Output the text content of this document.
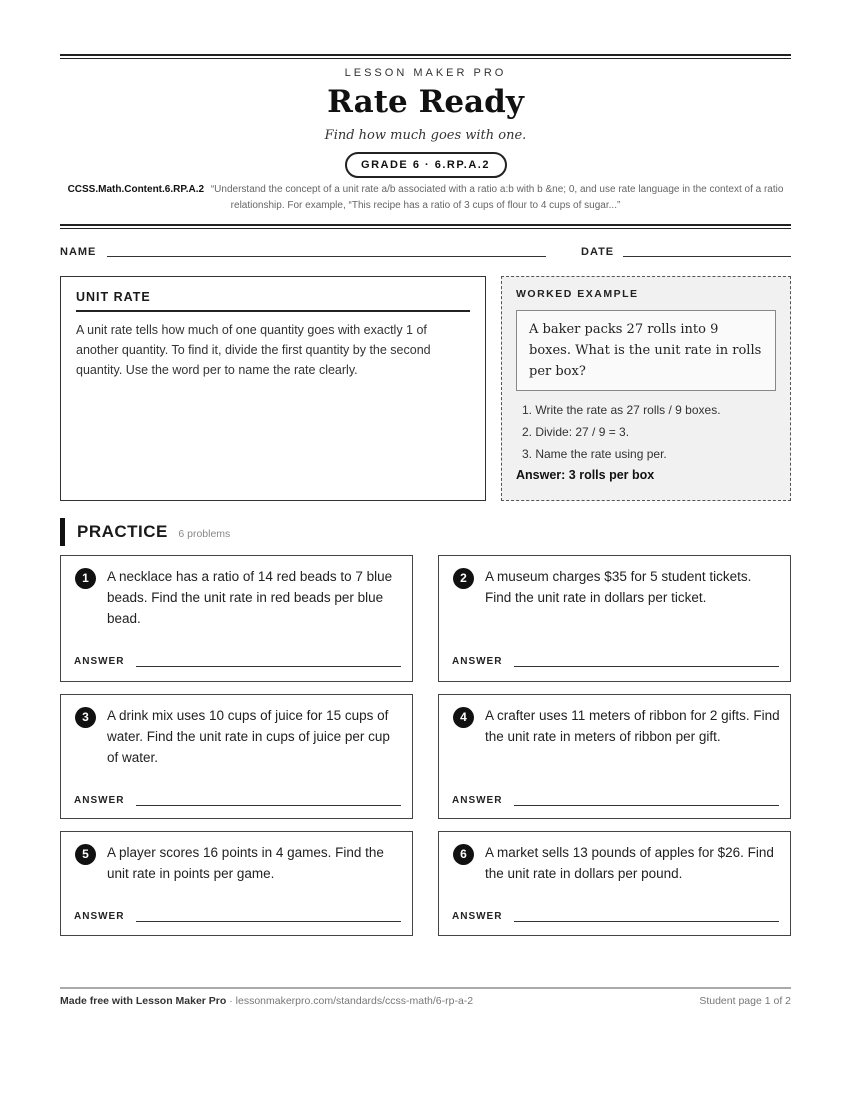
LESSON MAKER PRO
Rate Ready
Find how much goes with one.
GRADE 6 · 6.RP.A.2
CCSS.Math.Content.6.RP.A.2 “Understand the concept of a unit rate a/b associated with a ratio a:b with b &ne; 0, and use rate language in the context of a ratio relationship. For example, “This recipe has a ratio of 3 cups of flour to 4 cups of sugar...”
NAME	DATE
UNIT RATE
A unit rate tells how much of one quantity goes with exactly 1 of another quantity. To find it, divide the first quantity by the second quantity. Use the word per to name the rate clearly.
WORKED EXAMPLE
A baker packs 27 rolls into 9 boxes. What is the unit rate in rolls per box?
1. Write the rate as 27 rolls / 9 boxes.
2. Divide: 27 / 9 = 3.
3. Name the rate using per.
Answer: 3 rolls per box
PRACTICE 6 problems
1	A necklace has a ratio of 14 red beads to 7 blue beads. Find the unit rate in red beads per blue bead.
ANSWER
2	A museum charges $35 for 5 student tickets. Find the unit rate in dollars per ticket.
ANSWER
3	A drink mix uses 10 cups of juice for 15 cups of water. Find the unit rate in cups of juice per cup of water.
ANSWER
4	A crafter uses 11 meters of ribbon for 2 gifts. Find the unit rate in meters of ribbon per gift.
ANSWER
5	A player scores 16 points in 4 games. Find the unit rate in points per game.
ANSWER
6	A market sells 13 pounds of apples for $26. Find the unit rate in dollars per pound.
ANSWER
Made free with Lesson Maker Pro · lessonmakerpro.com/standards/ccss-math/6-rp-a-2	Student page 1 of 2
